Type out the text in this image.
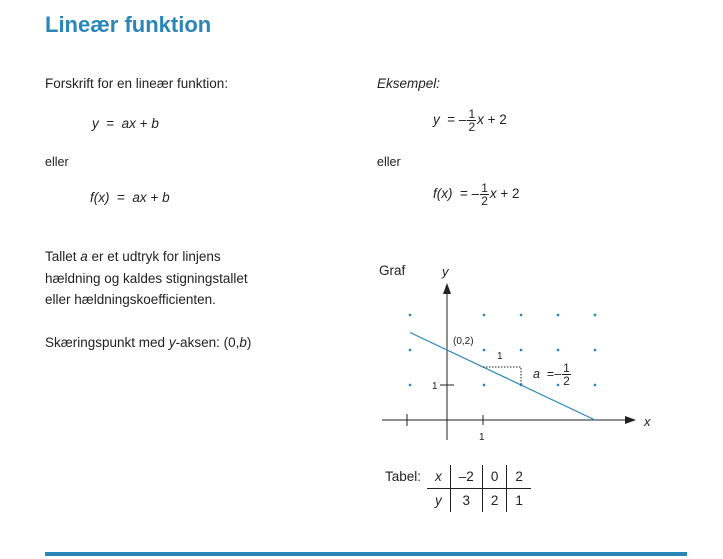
Lineær funktion
Forskrift for en lineær funktion:
y = ax + b
eller
f(x) = ax + b
Tallet a er et udtryk for linjens
hældning og kaldes stigningstallet
eller hældningskoefficienten.
Skæringspunkt med y-aksen: (0,b)
Eksempel:
y = – $\frac{1}{2}$ x + 2
eller
f(x) = – $\frac{1}{2}$ x + 2
Graf
x
y
1
1
(0,2)
1
$a =- \frac{1}{2}$
Tabel:	x	–2	0	2
	y	3	2	1
